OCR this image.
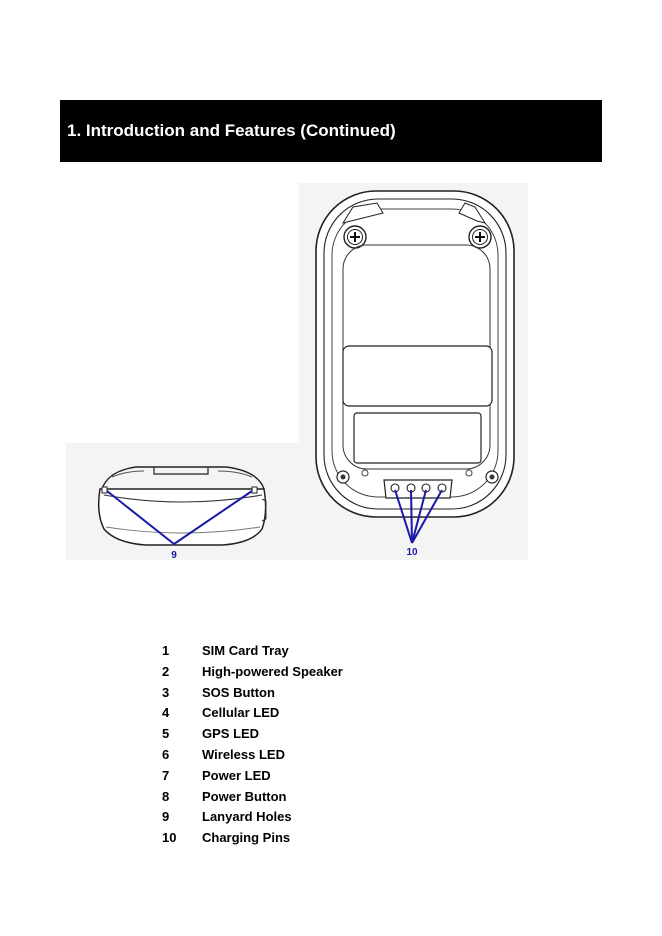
1. Introduction and Features (Continued)
9	10
1	SIM Card Tray
2	High-powered Speaker
3	SOS Button
4	Cellular LED
5	GPS LED
6	Wireless LED
7	Power LED
8	Power Button
9	Lanyard Holes
10 Charging Pins
